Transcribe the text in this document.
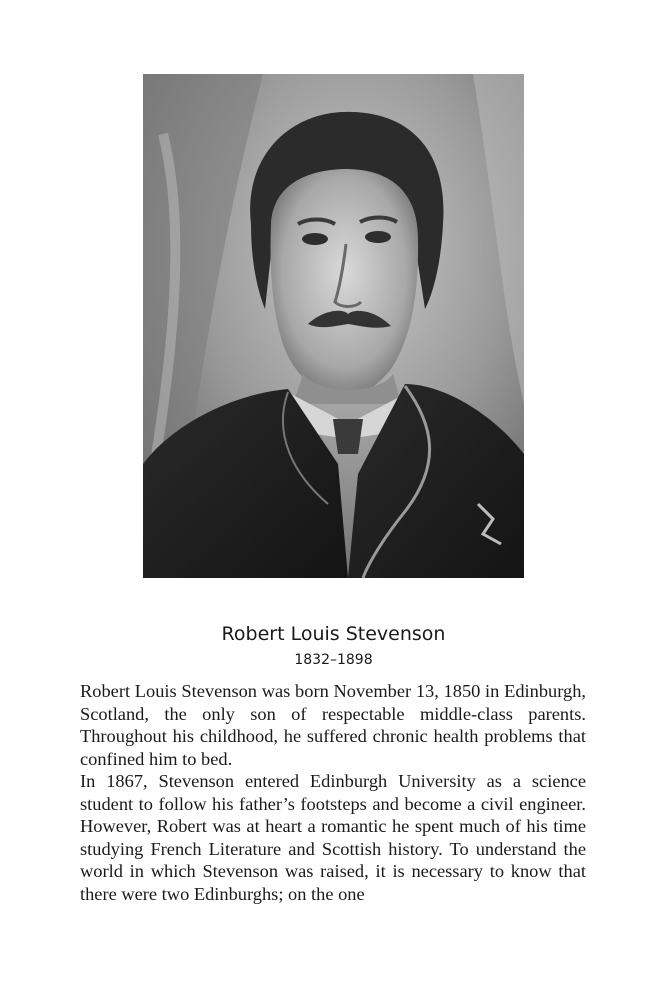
Robert Louis Stevenson
1832–1898

Robert Louis Stevenson was born November 13, 1850 in Edinburgh, Scotland, the only son of respectable middle-class parents. Throughout his childhood, he suffered chronic health problems that confined him to bed.

In 1867, Stevenson entered Edinburgh University as a science student to follow his father’s footsteps and become a civil engineer. However, Robert was at heart a romantic he spent much of his time studying French Literature and Scottish history. To understand the world in which Stevenson was raised, it is necessary to know that there were two Edinburghs; on the one
